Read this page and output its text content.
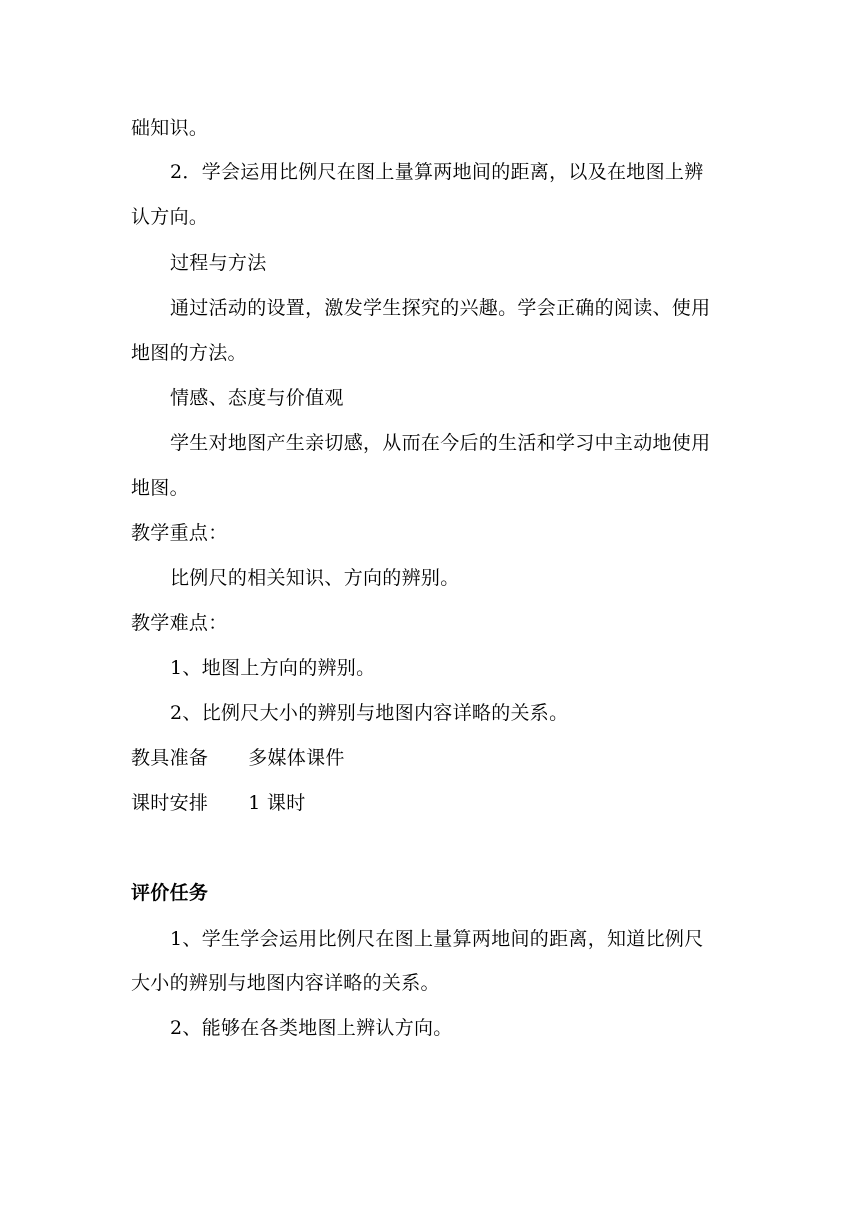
础知识。
2．学会运用比例尺在图上量算两地间的距离，以及在地图上辨
认方向。
过程与方法
通过活动的设置，激发学生探究的兴趣。学会正确的阅读、使用
地图的方法。
情感、态度与价值观
学生对地图产生亲切感，从而在今后的生活和学习中主动地使用
地图。
教学重点：
比例尺的相关知识、方向的辨别。
教学难点：
1、地图上方向的辨别。
2、比例尺大小的辨别与地图内容详略的关系。
教具准备 多媒体课件
课时安排 1 课时
评价任务
1、学生学会运用比例尺在图上量算两地间的距离，知道比例尺
大小的辨别与地图内容详略的关系。
2、能够在各类地图上辨认方向。
